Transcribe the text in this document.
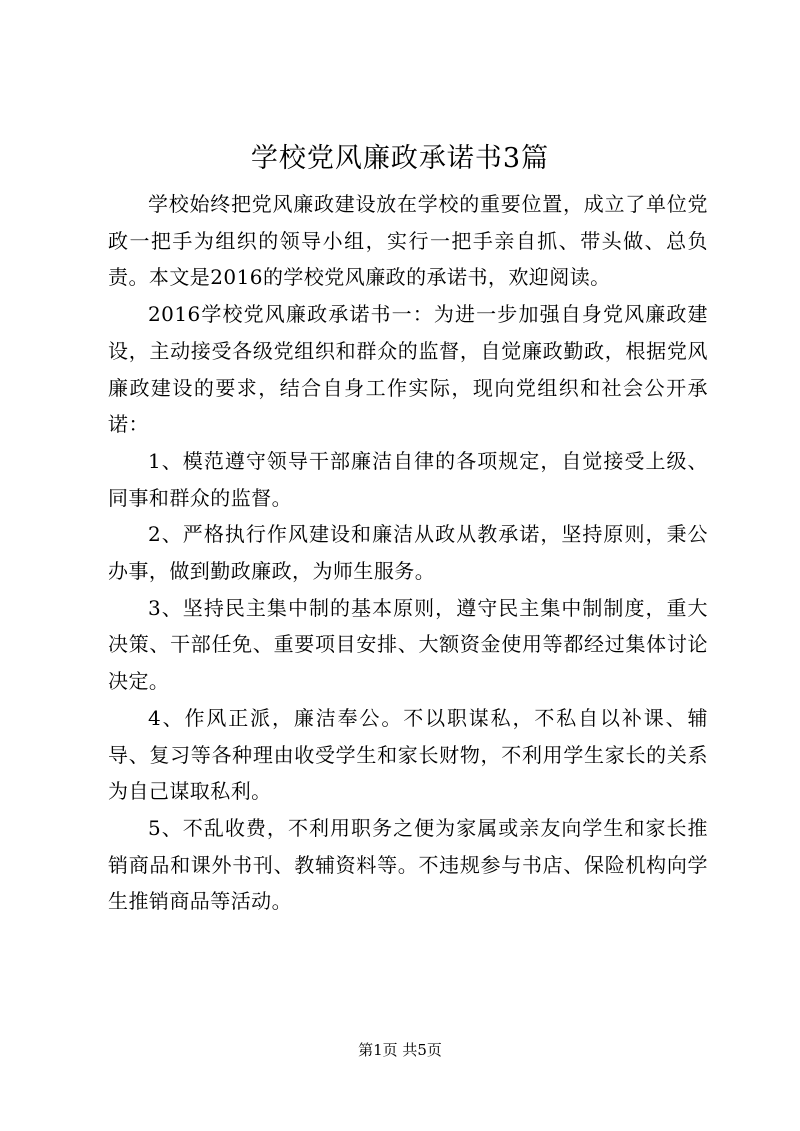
学校党风廉政承诺书3篇

学校始终把党风廉政建设放在学校的重要位置，成立了单位党政一把手为组织的领导小组，实行一把手亲自抓、带头做、总负责。本文是2016的学校党风廉政的承诺书，欢迎阅读。

2016学校党风廉政承诺书一：为进一步加强自身党风廉政建设，主动接受各级党组织和群众的监督，自觉廉政勤政，根据党风廉政建设的要求，结合自身工作实际，现向党组织和社会公开承诺：

1、模范遵守领导干部廉洁自律的各项规定，自觉接受上级、同事和群众的监督。

2、严格执行作风建设和廉洁从政从教承诺，坚持原则，秉公办事，做到勤政廉政，为师生服务。

3、坚持民主集中制的基本原则，遵守民主集中制制度，重大决策、干部任免、重要项目安排、大额资金使用等都经过集体讨论决定。

4、作风正派，廉洁奉公。不以职谋私，不私自以补课、辅导、复习等各种理由收受学生和家长财物，不利用学生家长的关系为自己谋取私利。

5、不乱收费，不利用职务之便为家属或亲友向学生和家长推销商品和课外书刊、教辅资料等。不违规参与书店、保险机构向学生推销商品等活动。

第1页 共5页
